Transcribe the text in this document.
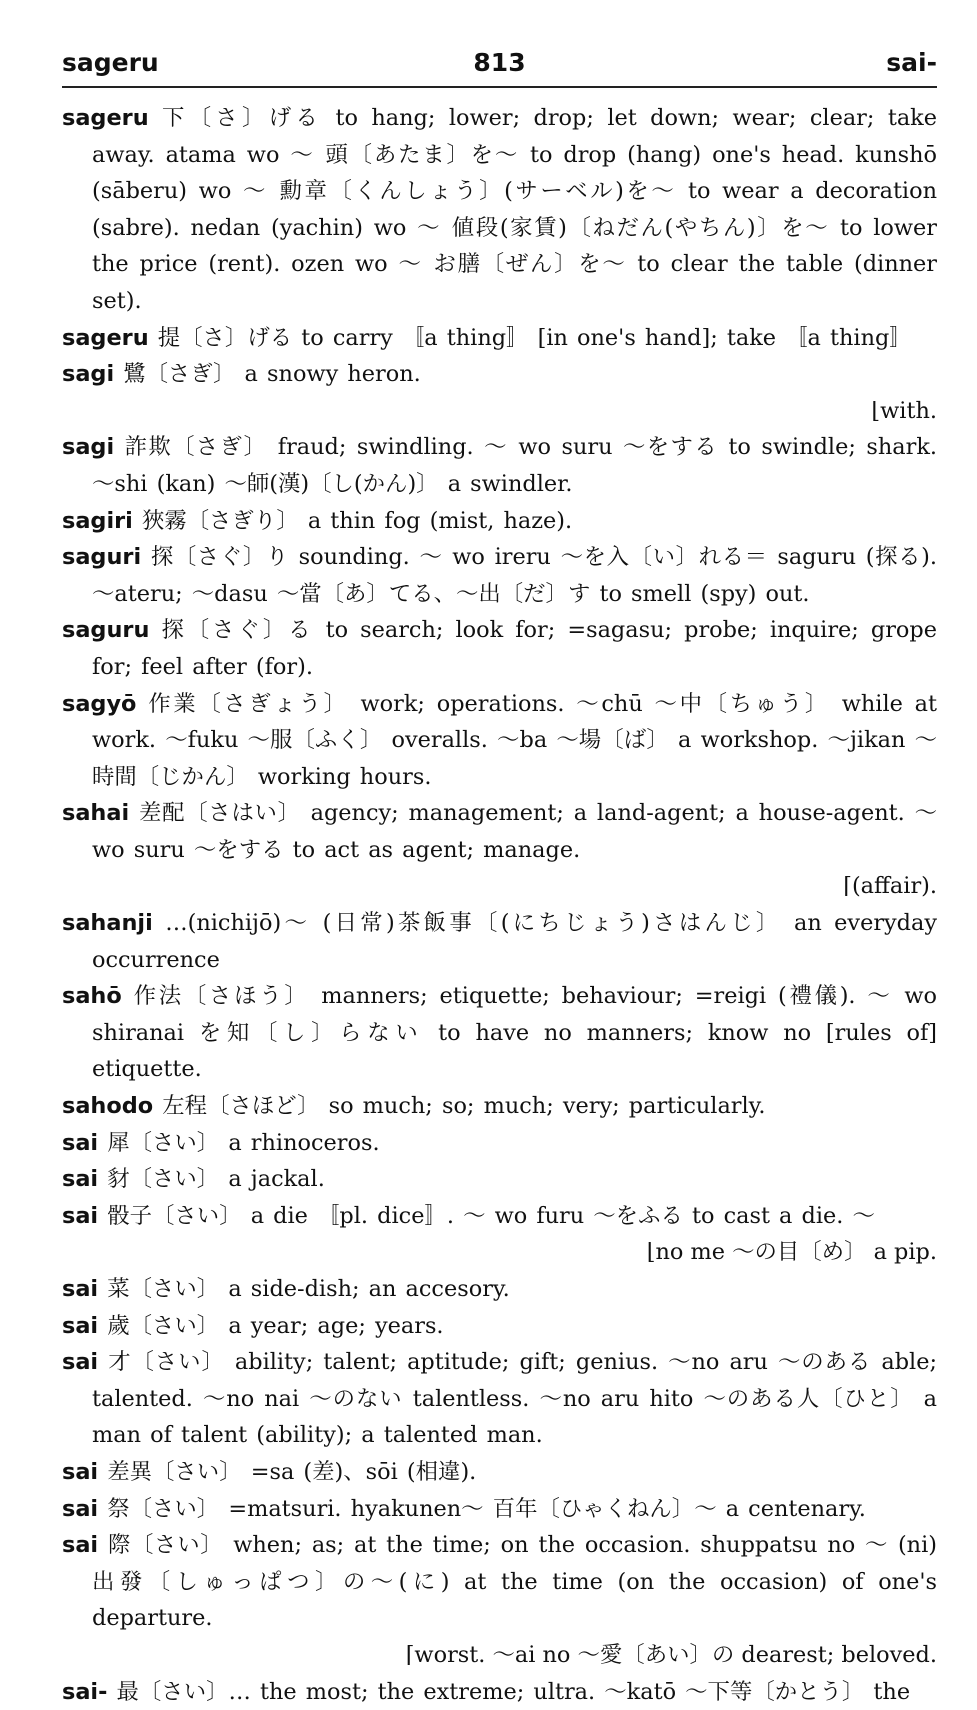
sageru	813	sai-
sageru 下〔さ〕げる to hang; lower; drop; let down; wear; clear; take away. atama wo ～ 頭〔あたま〕を～ to drop (hang) one's head. kunshō (sāberu) wo ～ 勳章〔くんしょう〕(サーベル)を～ to wear a decoration (sabre). nedan (yachin) wo ～ 値段(家賃)〔ねだん(やちん)〕を～ to lower the price (rent). ozen wo ～ お膳〔ぜん〕を～ to clear the table (dinner set).
sageru 提〔さ〕げる to carry 〚a thing〛 [in one's hand]; take 〚a thing〛
sagi 鷺〔さぎ〕 a snowy heron.
⌊with.
sagi 詐欺〔さぎ〕 fraud; swindling. ～ wo suru ～をする to swindle; shark. ～shi (kan) ～師(漢)〔し(かん)〕 a swindler.
sagiri 狹霧〔さぎり〕 a thin fog (mist, haze).
saguri 探〔さぐ〕り sounding. ～ wo ireru ～を入〔い〕れる＝ saguru (探る). ～ateru; ～dasu ～當〔あ〕てる、～出〔だ〕す to smell (spy) out.
saguru 探〔さぐ〕る to search; look for; =sagasu; probe; inquire; grope for; feel after (for).
sagyō 作業〔さぎょう〕 work; operations. ～chū ～中〔ちゅう〕 while at work. ～fuku ～服〔ふく〕 overalls. ～ba ～場〔ば〕 a workshop. ～jikan ～時間〔じかん〕 working hours.
sahai 差配〔さはい〕 agency; management; a land-agent; a house-agent. ～ wo suru ～をする to act as agent; manage.
⌈(affair).
sahanji …(nichijō)～ (日常)茶飯事〔(にちじょう)さはんじ〕 an everyday occurrence
sahō 作法〔さほう〕 manners; etiquette; behaviour; =reigi (禮儀). ～ wo shiranai を知〔し〕らない to have no manners; know no [rules of] etiquette.
sahodo 左程〔さほど〕 so much; so; much; very; particularly.
sai 犀〔さい〕 a rhinoceros.
sai 豺〔さい〕 a jackal.
sai 骰子〔さい〕 a die 〚pl. dice〛. ～ wo furu ～をふる to cast a die. ～
⌊no me ～の目〔め〕 a pip.
sai 菜〔さい〕 a side-dish; an accesory.
sai 歲〔さい〕 a year; age; years.
sai 才〔さい〕 ability; talent; aptitude; gift; genius. ～no aru ～のある able; talented. ～no nai ～のない talentless. ～no aru hito ～のある人〔ひと〕 a man of talent (ability); a talented man.
sai 差異〔さい〕 =sa (差)、sōi (相違).
sai 祭〔さい〕 =matsuri. hyakunen～ 百年〔ひゃくねん〕～ a centenary.
sai 際〔さい〕 when; as; at the time; on the occasion. shuppatsu no ～ (ni) 出發〔しゅっぱつ〕の～(に) at the time (on the occasion) of one's departure.
⌈worst. ～ai no ～愛〔あい〕の dearest; beloved.
sai- 最〔さい〕… the most; the extreme; ultra. ～katō ～下等〔かとう〕 the
